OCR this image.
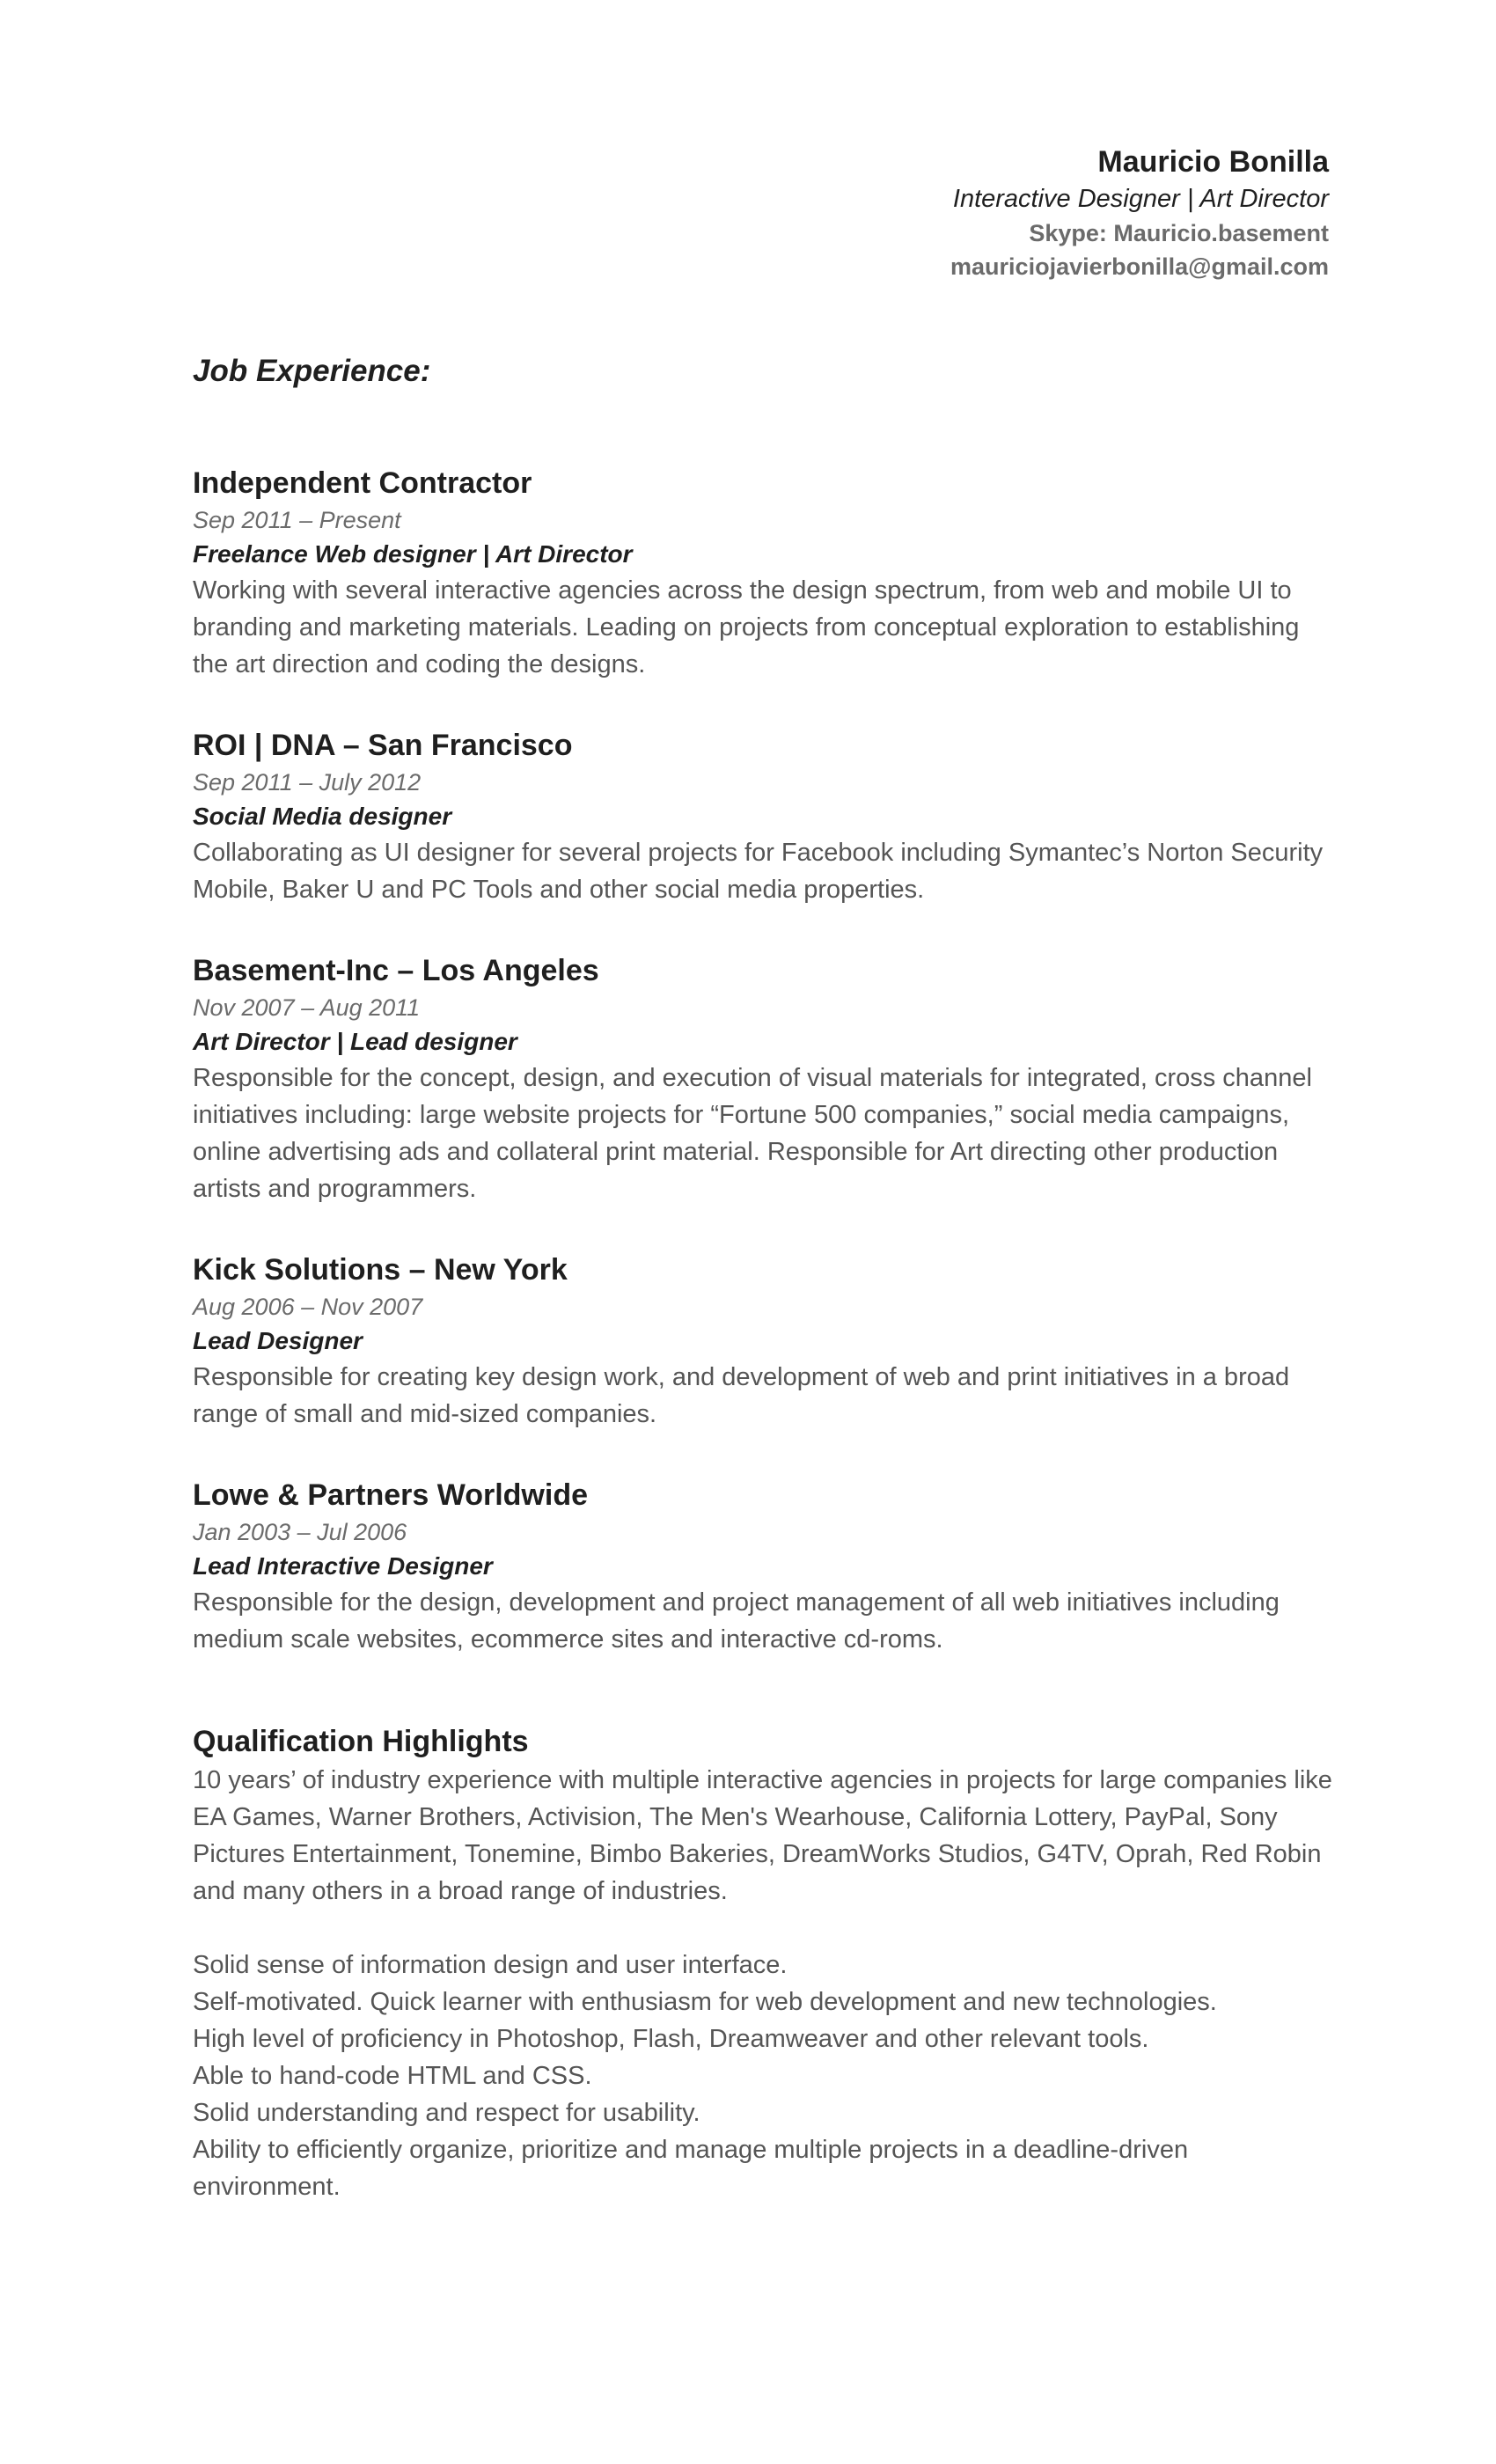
Mauricio Bonilla
Interactive Designer | Art Director
Skype: Mauricio.basement
mauriciojavierbonilla@gmail.com
Job Experience:
Independent Contractor
Sep 2011 – Present
Freelance Web designer | Art Director
Working with several interactive agencies across the design spectrum, from web and mobile UI to branding and marketing materials. Leading on projects from conceptual exploration to establishing the art direction and coding the designs.
ROI | DNA – San Francisco
Sep 2011 – July 2012
Social Media designer
Collaborating as UI designer for several projects for Facebook including Symantec’s Norton Security Mobile, Baker U and PC Tools and other social media properties.
Basement-Inc – Los Angeles
Nov 2007 – Aug 2011
Art Director | Lead designer
Responsible for the concept, design, and execution of visual materials for integrated, cross channel initiatives including: large website projects for “Fortune 500 companies,” social media campaigns, online advertising ads and collateral print material. Responsible for Art directing other production artists and programmers.
Kick Solutions – New York
Aug 2006 – Nov 2007
Lead Designer
Responsible for creating key design work, and development of web and print initiatives in a broad range of small and mid-sized companies.
Lowe & Partners Worldwide
Jan 2003 – Jul 2006
Lead Interactive Designer
Responsible for the design, development and project management of all web initiatives including medium scale websites, ecommerce sites and interactive cd-roms.
Qualification Highlights
10 years’ of industry experience with multiple interactive agencies in projects for large companies like EA Games, Warner Brothers, Activision, The Men's Wearhouse, California Lottery, PayPal, Sony Pictures Entertainment, Tonemine, Bimbo Bakeries, DreamWorks Studios, G4TV, Oprah, Red Robin and many others in a broad range of industries.
Solid sense of information design and user interface.
Self-motivated. Quick learner with enthusiasm for web development and new technologies.
High level of proficiency in Photoshop, Flash, Dreamweaver and other relevant tools.
Able to hand-code HTML and CSS.
Solid understanding and respect for usability.
Ability to efficiently organize, prioritize and manage multiple projects in a deadline-driven environment.
